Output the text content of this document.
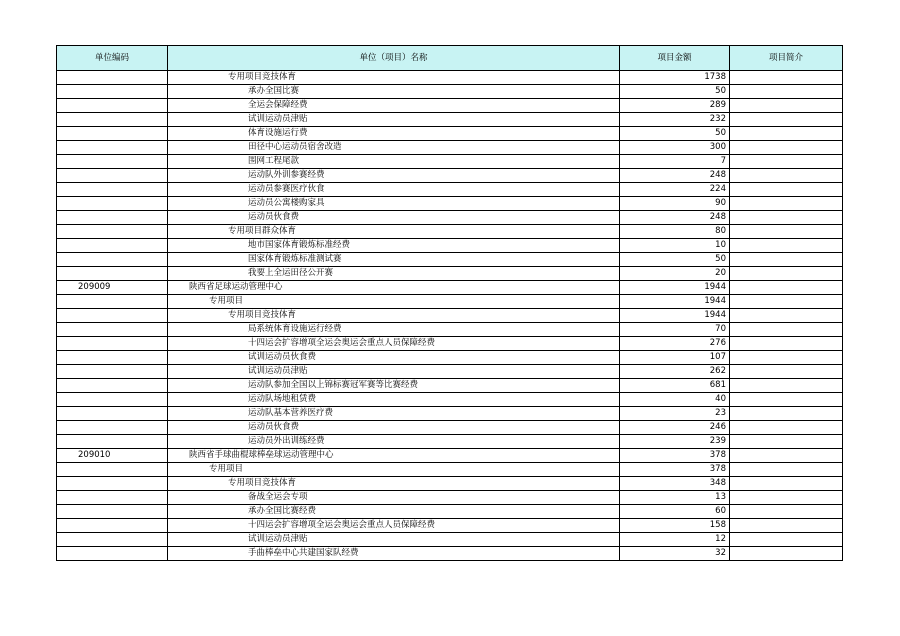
单位编码	单位（项目）名称	项目金额	项目简介
	专用项目竞技体育	1738	
	承办全国比赛	50	
	全运会保障经费	289	
	试训运动员津贴	232	
	体育设施运行费	50	
	田径中心运动员宿舍改造	300	
	围网工程尾款	7	
	运动队外训参赛经费	248	
	运动员参赛医疗伙食	224	
	运动员公寓楼购家具	90	
	运动员伙食费	248	
	专用项目群众体育	80	
	地市国家体育锻炼标准经费	10	
	国家体育锻炼标准测试赛	50	
	我要上全运田径公开赛	20	
209009	陕西省足球运动管理中心	1944	
	专用项目	1944	
	专用项目竞技体育	1944	
	局系统体育设施运行经费	70	
	十四运会扩容增项全运会奥运会重点人员保障经费	276	
	试训运动员伙食费	107	
	试训运动员津贴	262	
	运动队参加全国以上锦标赛冠军赛等比赛经费	681	
	运动队场地租赁费	40	
	运动队基本营养医疗费	23	
	运动员伙食费	246	
	运动员外出训练经费	239	
209010	陕西省手球曲棍球棒垒球运动管理中心	378	
	专用项目	378	
	专用项目竞技体育	348	
	备战全运会专项	13	
	承办全国比赛经费	60	
	十四运会扩容增项全运会奥运会重点人员保障经费	158	
	试训运动员津贴	12	
	手曲棒垒中心共建国家队经费	32	
